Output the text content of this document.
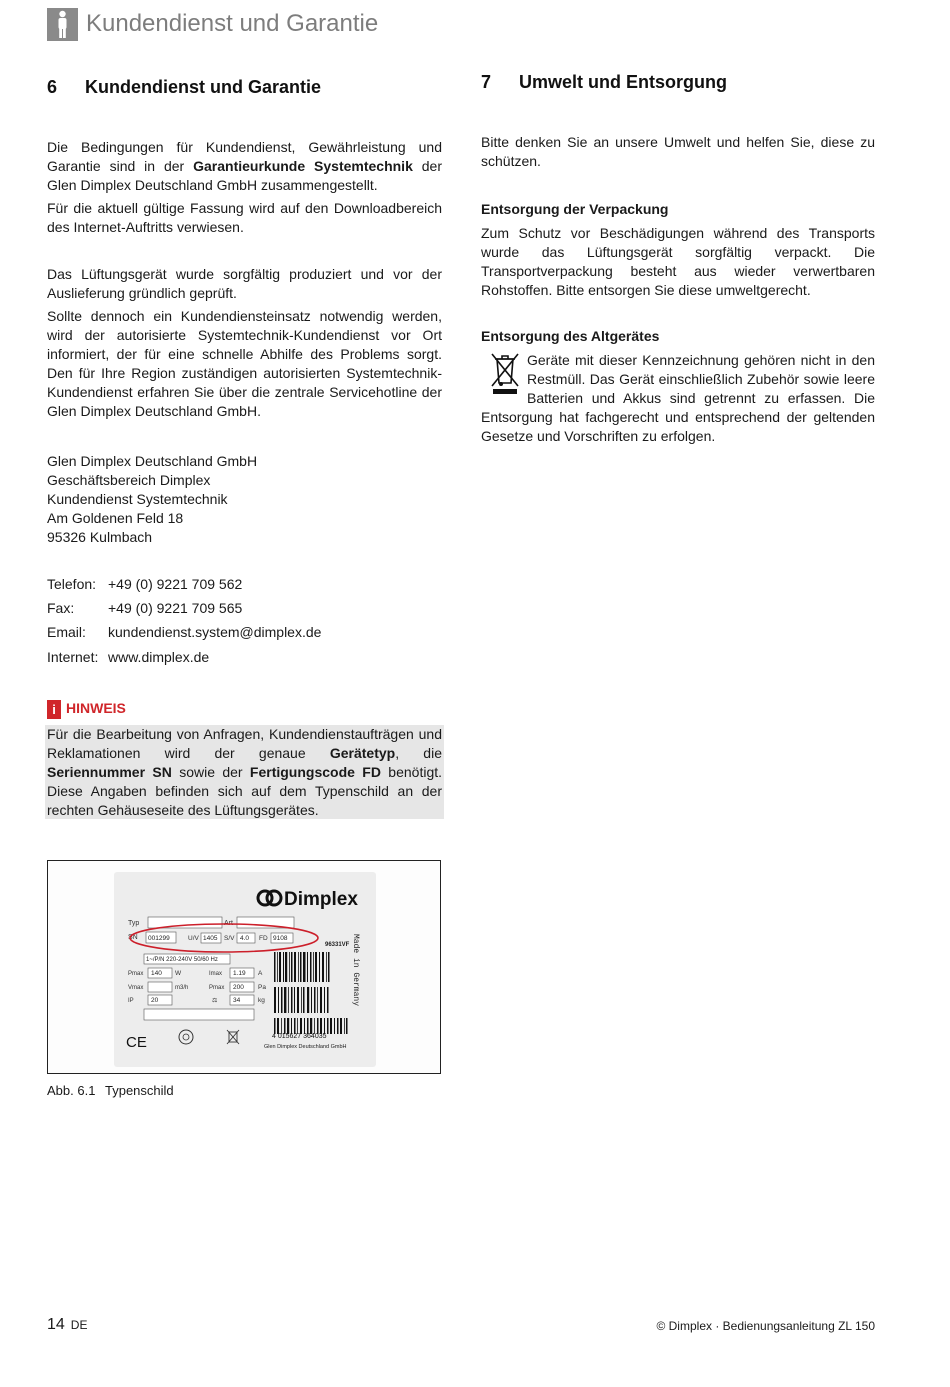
Kundendienst und Garantie
6 Kundendienst und Garantie

Die Bedingungen für Kundendienst, Gewährleistung und Garantie sind in der Garantieurkunde Systemtechnik der Glen Dimplex Deutschland GmbH zusammengestellt.

Für die aktuell gültige Fassung wird auf den Downloadbereich des Internet-Auftritts verwiesen.

Das Lüftungsgerät wurde sorgfältig produziert und vor der Auslieferung gründlich geprüft.

Sollte dennoch ein Kundendiensteinsatz notwendig werden, wird der autorisierte Systemtechnik-Kundendienst vor Ort informiert, der für eine schnelle Abhilfe des Problems sorgt. Den für Ihre Region zuständigen autorisierten Systemtechnik-Kundendienst erfahren Sie über die zentrale Servicehotline der Glen Dimplex Deutschland GmbH.

Glen Dimplex Deutschland GmbH
Geschäftsbereich Dimplex
Kundendienst Systemtechnik
Am Goldenen Feld 18
95326 Kulmbach
Telefon: +49 (0) 9221 709 562
Fax: +49 (0) 9221 709 565
Email: kundendienst.system@dimplex.de
Internet: www.dimplex.de
i HINWEIS

Für die Bearbeitung von Anfragen, Kundendienstaufträgen und Reklamationen wird der genaue Gerätetyp, die Seriennummer SN sowie der Fertigungscode FD benötigt. Diese Angaben befinden sich auf dem Typenschild an der rechten Gehäuseseite des Lüftungsgerätes.

Dimplex
Typ	Art
SN 001299	U/V 1405 S/V 4.0 FD 9108
96331VF
1~/P/N 220-240V 50/60 Hz
Pmax 140 W	Imax 1.19 A
Vmax	m3/h	Pmax 200 Pa
IP	20	⚖ 34	kg
4 015627 364035
Glen Dimplex Deutschland GmbH
Made in Germany
CE
Abb. 6.1 Typenschild
7 Umwelt und Entsorgung
Bitte denken Sie an unsere Umwelt und helfen Sie, diese zu schützen.
Entsorgung der Verpackung
Zum Schutz vor Beschädigungen während des Transports wurde das Lüftungsgerät sorgfältig verpackt. Die Transportverpackung besteht aus wieder verwertbaren Rohstoffen. Bitte entsorgen Sie diese umweltgerecht.
Entsorgung des Altgerätes

Geräte mit dieser Kennzeichnung gehören nicht in den Restmüll. Das Gerät einschließlich Zubehör sowie leere Batterien und Akkus sind getrennt zu erfassen. Die Entsorgung hat fachgerecht und entsprechend der geltenden Gesetze und Vorschriften zu erfolgen.

14 DE	© Dimplex · Bedienungsanleitung ZL 150
